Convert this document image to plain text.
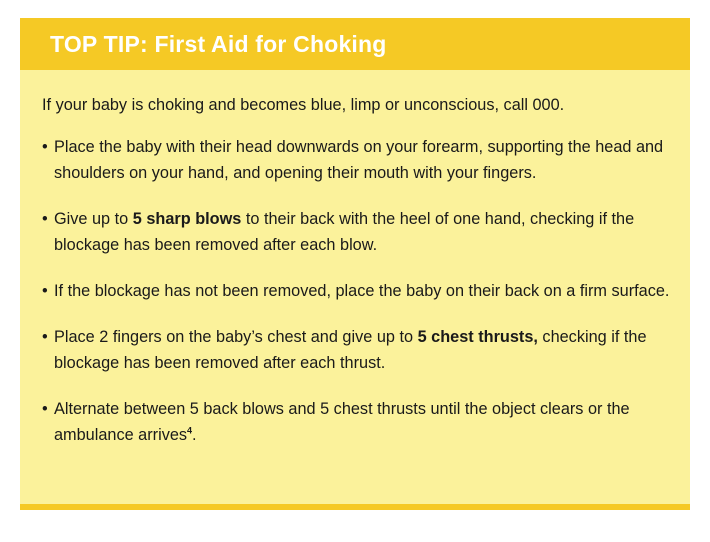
TOP TIP: First Aid for Choking

If your baby is choking and becomes blue, limp or unconscious, call 000.

• Place the baby with their head downwards on your forearm, supporting the head and shoulders on your hand, and opening their mouth with your fingers.
• Give up to 5 sharp blows to their back with the heel of one hand, checking if the blockage has been removed after each blow.
• If the blockage has not been removed, place the baby on their back on a firm surface.
• Place 2 fingers on the baby’s chest and give up to 5 chest thrusts, checking if the blockage has been removed after each thrust.
• Alternate between 5 back blows and 5 chest thrusts until the object clears or the ambulance arrives$^4$.
